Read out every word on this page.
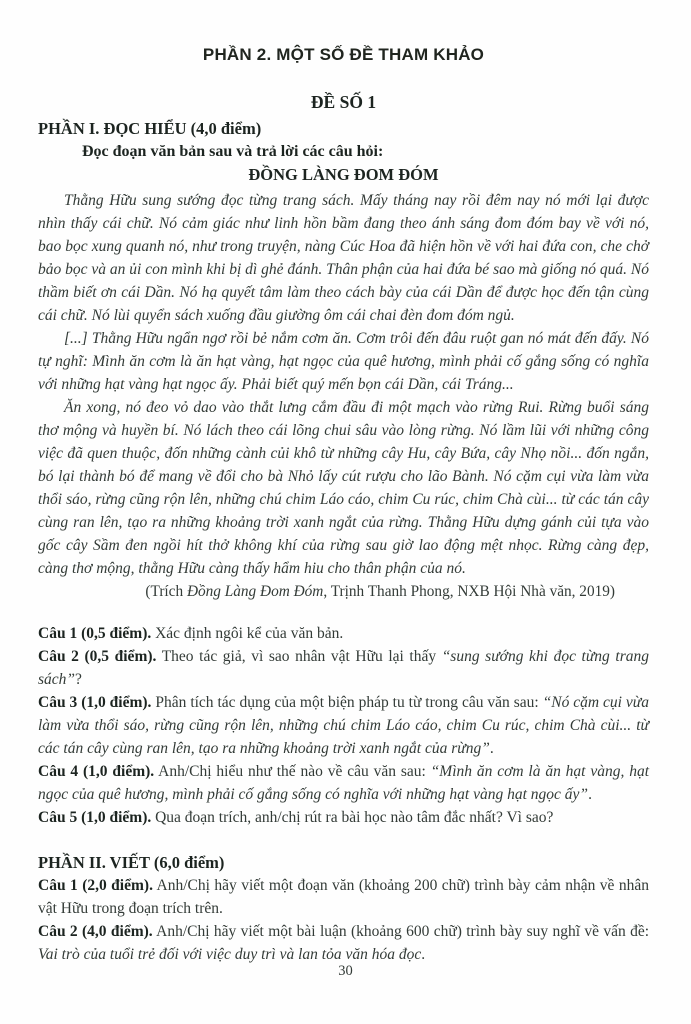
PHẦN 2. MỘT SỐ ĐỀ THAM KHẢO
ĐỀ SỐ 1
PHẦN I. ĐỌC HIỂU (4,0 điểm)
Đọc đoạn văn bản sau và trả lời các câu hỏi:
ĐỒNG LÀNG ĐOM ĐÓM

Thằng Hữu sung sướng đọc từng trang sách. Mấy tháng nay rồi đêm nay nó mới lại được nhìn thấy cái chữ. Nó cảm giác như linh hồn bầm đang theo ánh sáng đom đóm bay về với nó, bao bọc xung quanh nó, như trong truyện, nàng Cúc Hoa đã hiện hồn về với hai đứa con, che chở bảo bọc và an ủi con mình khi bị dì ghẻ đánh. Thân phận của hai đứa bé sao mà giống nó quá. Nó thầm biết ơn cái Dần. Nó hạ quyết tâm làm theo cách bày của cái Dần để được học đến tận cùng cái chữ. Nó lùi quyển sách xuống đầu giường ôm cái chai đèn đom đóm ngủ.

[...] Thằng Hữu ngẩn ngơ rồi bẻ nắm cơm ăn. Cơm trôi đến đâu ruột gan nó mát đến đấy. Nó tự nghĩ: Mình ăn cơm là ăn hạt vàng, hạt ngọc của quê hương, mình phải cố gắng sống có nghĩa với những hạt vàng hạt ngọc ấy. Phải biết quý mến bọn cái Dần, cái Tráng...

Ăn xong, nó đeo vỏ dao vào thắt lưng cắm đầu đi một mạch vào rừng Rui. Rừng buổi sáng thơ mộng và huyền bí. Nó lách theo cái lõng chui sâu vào lòng rừng. Nó lầm lũi với những công việc đã quen thuộc, đốn những cành củi khô từ những cây Hu, cây Bứa, cây Nhọ nồi... đốn ngắn, bó lại thành bó để mang về đổi cho bà Nhỏ lấy cút rượu cho lão Bành. Nó cặm cụi vừa làm vừa thổi sáo, rừng cũng rộn lên, những chú chim Láo cáo, chim Cu rúc, chim Chà cùi... từ các tán cây cùng ran lên, tạo ra những khoảng trời xanh ngắt của rừng. Thằng Hữu dựng gánh củi tựa vào gốc cây Sầm đen ngồi hít thở không khí của rừng sau giờ lao động mệt nhọc. Rừng càng đẹp, càng thơ mộng, thằng Hữu càng thấy hẩm hiu cho thân phận của nó.

(Trích Đồng Làng Đom Đóm, Trịnh Thanh Phong, NXB Hội Nhà văn, 2019)

Câu 1 (0,5 điểm). Xác định ngôi kể của văn bản.

Câu 2 (0,5 điểm). Theo tác giả, vì sao nhân vật Hữu lại thấy “sung sướng khi đọc từng trang sách”?

Câu 3 (1,0 điểm). Phân tích tác dụng của một biện pháp tu từ trong câu văn sau: “Nó cặm cụi vừa làm vừa thổi sáo, rừng cũng rộn lên, những chú chim Láo cáo, chim Cu rúc, chim Chà cùi... từ các tán cây cùng ran lên, tạo ra những khoảng trời xanh ngắt của rừng”.

Câu 4 (1,0 điểm). Anh/Chị hiểu như thế nào về câu văn sau: “Mình ăn cơm là ăn hạt vàng, hạt ngọc của quê hương, mình phải cố gắng sống có nghĩa với những hạt vàng hạt ngọc ấy”.

Câu 5 (1,0 điểm). Qua đoạn trích, anh/chị rút ra bài học nào tâm đắc nhất? Vì sao?

PHẦN II. VIẾT (6,0 điểm)

Câu 1 (2,0 điểm). Anh/Chị hãy viết một đoạn văn (khoảng 200 chữ) trình bày cảm nhận về nhân vật Hữu trong đoạn trích trên.

Câu 2 (4,0 điểm). Anh/Chị hãy viết một bài luận (khoảng 600 chữ) trình bày suy nghĩ về vấn đề: Vai trò của tuổi trẻ đối với việc duy trì và lan tỏa văn hóa đọc.

30
